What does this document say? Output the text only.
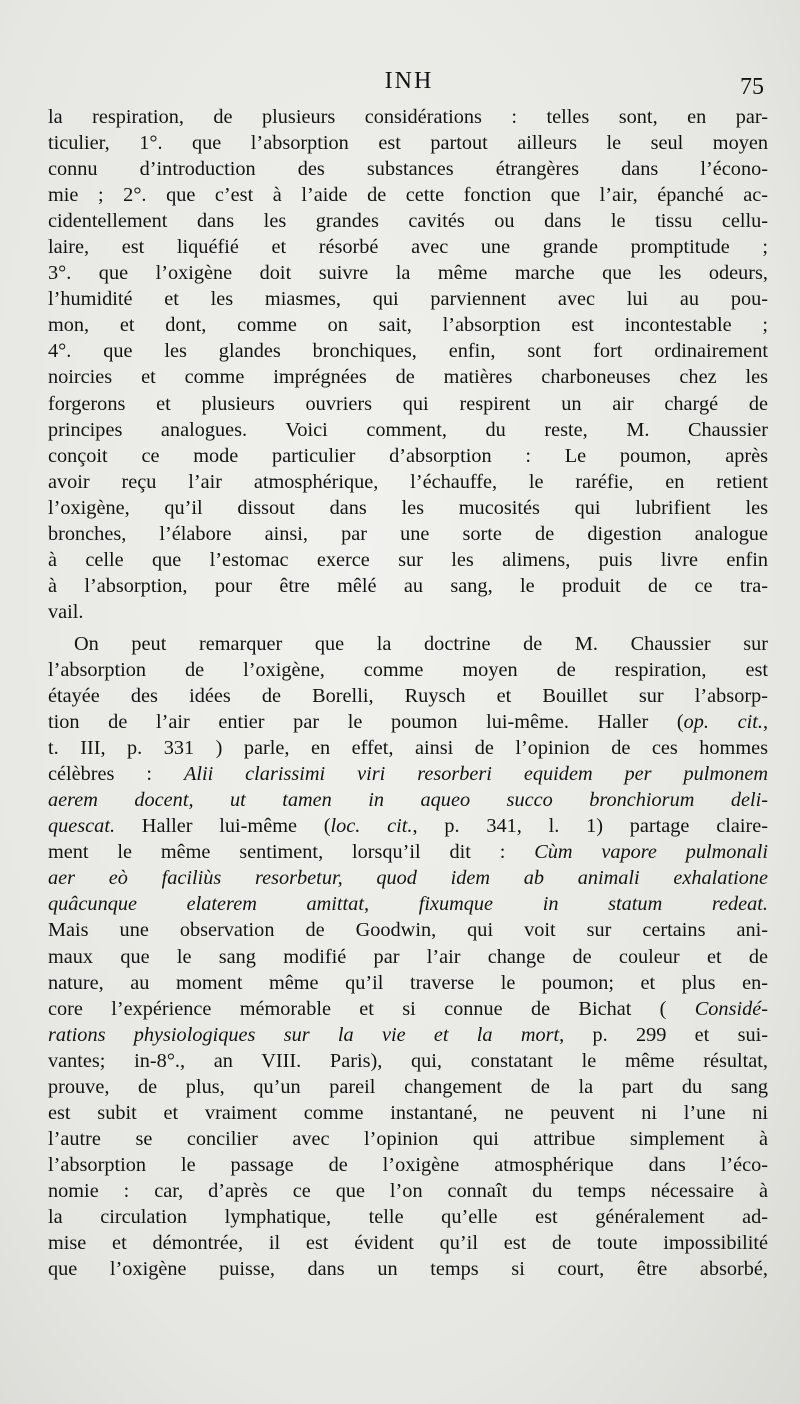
INH	75
la respiration, de plusieurs considérations : telles sont, en par-
ticulier, 1°. que l’absorption est partout ailleurs le seul moyen
connu d’introduction des substances étrangères dans l’écono-
mie ; 2°. que c’est à l’aide de cette fonction que l’air, épanché ac-
cidentellement dans les grandes cavités ou dans le tissu cellu-
laire, est liquéfié et résorbé avec une grande promptitude ;
3°. que l’oxigène doit suivre la même marche que les odeurs,
l’humidité et les miasmes, qui parviennent avec lui au pou-
mon, et dont, comme on sait, l’absorption est incontestable ;
4°. que les glandes bronchiques, enfin, sont fort ordinairement
noircies et comme imprégnées de matières charboneuses chez les
forgerons et plusieurs ouvriers qui respirent un air chargé de
principes analogues. Voici comment, du reste, M. Chaussier
conçoit ce mode particulier d’absorption : Le poumon, après
avoir reçu l’air atmosphérique, l’échauffe, le raréfie, en retient
l’oxigène, qu’il dissout dans les mucosités qui lubrifient les
bronches, l’élabore ainsi, par une sorte de digestion analogue
à celle que l’estomac exerce sur les alimens, puis livre enfin
à l’absorption, pour être mêlé au sang, le produit de ce tra-
vail.
On peut remarquer que la doctrine de M. Chaussier sur
l’absorption de l’oxigène, comme moyen de respiration, est
étayée des idées de Borelli, Ruysch et Bouillet sur l’absorp-
tion de l’air entier par le poumon lui-même. Haller (op. cit.,
t. III, p. 331 ) parle, en effet, ainsi de l’opinion de ces hommes
célèbres : Alii clarissimi viri resorberi equidem per pulmonem
aerem docent, ut tamen in aqueo succo bronchiorum deli-
quescat. Haller lui-même (loc. cit., p. 341, l. 1) partage claire-
ment le même sentiment, lorsqu’il dit : Cùm vapore pulmonali
aer eò faciliùs resorbetur, quod idem ab animali exhalatione
quâcunque elaterem amittat, fixumque in statum redeat.
Mais une observation de Goodwin, qui voit sur certains ani-
maux que le sang modifié par l’air change de couleur et de
nature, au moment même qu’il traverse le poumon; et plus en-
core l’expérience mémorable et si connue de Bichat ( Considé-
rations physiologiques sur la vie et la mort, p. 299 et sui-
vantes; in-8°., an VIII. Paris), qui, constatant le même résultat,
prouve, de plus, qu’un pareil changement de la part du sang
est subit et vraiment comme instantané, ne peuvent ni l’une ni
l’autre se concilier avec l’opinion qui attribue simplement à
l’absorption le passage de l’oxigène atmosphérique dans l’éco-
nomie : car, d’après ce que l’on connaît du temps nécessaire à
la circulation lymphatique, telle qu’elle est généralement ad-
mise et démontrée, il est évident qu’il est de toute impossibilité
que l’oxigène puisse, dans un temps si court, être absorbé,
